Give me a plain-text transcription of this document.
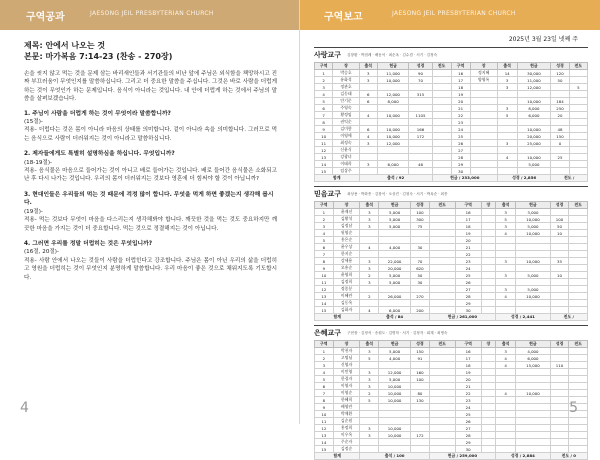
구역공과	JAESONG JEIL PRESBYTERIAN CHURCH
제목: 안에서 나오는 것
본문: 마가복음 7:14-23 (찬송 - 270장)

손을 씻지 않고 먹는 것을 문제 삼는 바리새인들과 서기관들의 비난 앞에 주님은 외식함을 책망하시고 진짜 부끄러움이 무엇인지를 말씀하십니다. 그리고 더 중요한 말씀을 주십니다. 그것은 바로 사람을 더럽게 하는 것이 무엇인가 하는 문제입니다. 음식이 아니라는 것입니다. 내 안에 더럽게 하는 것에서 주님의 말씀을 살펴보겠습니다.

1. 주님이 사람을 더럽게 하는 것이 무엇이라 말씀합니까?
(15절)-

적용- 더럽다는 것은 몸이 아니라 마음의 상태를 의미합니다. 겉이 아니라 속을 의미합니다. 그러므로 먹는 음식으로 사람이 더러워지는 것이 아니라고 말씀하십니다.

2. 제자들에게도 특별히 설명하심을 하십니다. 무엇입니까?
(18-19절)-

적용- 음식물은 마음으로 들어가는 것이 아니고 배로 들어가는 것입니다. 배로 들어간 음식물은 소화되고 난 후 다시 나가는 것입니다. 우리의 몸이 더러워지는 것보다 영혼에 더 힘써야 할 것이 아닙니까?

3. 현대인들은 우리들의 먹는 것 때문에 걱정 많이 합니다. 무엇을 먹게 하면 좋겠는지 생각해 봅시다.
(19절)-

적용- 먹는 것보다 무엇이 마음을 다스리는지 생각해봐야 합니다. 깨끗한 것을 먹는 것도 중요하지만 깨끗한 마음을 가지는 것이 더 중요합니다. 먹는 것으로 정결해지는 것이 아닙니다.

4. 그러면 우리를 정말 더럽히는 것은 무엇입니까?
(16절, 20절)-

적용- 사람 안에서 나오는 것들이 사람을 더럽힌다고 강조합니다. 주님은 몸이 아닌 우리의 삶을 더럽히고 영원을 더럽히는 것이 무엇인지 분명하게 말씀합니다. 우리 마음이 좋은 것으로 채워지도록 기도합시다.

4
구역보고	JAESONG JEIL PRESBYTERIAN CHURCH
2025년 3월 23일 넷째 주
사랑교구 김창환 · 박점례 · 배동석 · 최순옥 · 김수겸 · 서기 · 김정숙
구역	장	출석	헌금	성경	전도	구역	장	출석	헌금	성경	전도
1	박승호	3	11,000	90		16	정지혜	14	30,000	120	
2	유화석	3	10,000	70		17	양영록	3	11,000	50	
3	정관호					18		3	12,000		5
4	김동태	6	12,000	315		19					
5	안기준	6	8,000			20			10,000	184	
6	주영숙					21		3	8,000	250	
7	황정임	4	10,000	1105		22		5	6,000	20	
8	권익순					23					
9	김미향	6	10,000	166		24			10,000	48	
10	이영애	4	10,000	172		25			20,000	150	
11	최정숙	3	12,000			26		3	25,000	0	
12	신윤식					27					
13	강광녀					28		4	10,000	25	
14	이태희	3	6,000	46		29			5,000		
15	임상주					30					
합계		출석 / 92			헌금 / 233,000			성경 / 2,856		전도 /	
믿음교구 최상용 · 박화종 · 김창석 · 오상진 · 김청숙 · 서기 · 박옥순 · 최종
구역	장	출석	헌금	성경	전도	구역	장	출석	헌금	성경	전도
1	윤재선	3	5,000	100		16		3	3,000		
2	김황석	3	5,000	300		17		5	10,000	100	
3	김정남	3	5,000	75		18		3	5,000	50	
4	원영순					19		4	10,000	10	
5	홍은순					20					
6	윤우상	4	4,000	30		21					
7	한지순					22					
8	강세용	3	22,000	70		23		3	10,000	35	
9	오흥순	3	20,000	620		24					
10	윤영희	2	5,000	50		25		3	5,000	10	
11	김정희	3	5,000	30		26					
12	정종분					27		3	5,000		
13	이혜란	2	26,000	270		28		4	10,000		
14	김동옥					29					
15	김화자	4	6,000	200		30					
합계		출석 / 84			헌금 / 261,000			성경 / 2,441		전도 /	
은혜교구 구현장 · 김정석 · 송원도 · 김명학 · 서기 · 김정자 · 회계 · 최명숙
구역	장	출석	헌금	성경	전도	구역	장	출석	헌금	성경	전도
1	박천자	3	5,000	150		16		3	4,000		
2	고명님	5	4,000	91		17		4	6,000		
3	신영자					18		4	15,000	110	
4	이민영	3	12,000	160		19					
5	한경자	3	5,000	100		20					
6	이영자	3	10,000			21					
7	이영순	2	10,000	80		22		4	10,000		
8	한혜희	5	10,000	130		23					
9	배영란					24					
10	박애환					25					
11	김순원					26					
12	홍정희	3	10,000			27					
13	이우옥	3	10,000	172		28					
14	주순자					29					
15	김정순					30					
합계		출석 / 100			헌금 / 259,000			성경 / 2,884		전도 / 0	
5
